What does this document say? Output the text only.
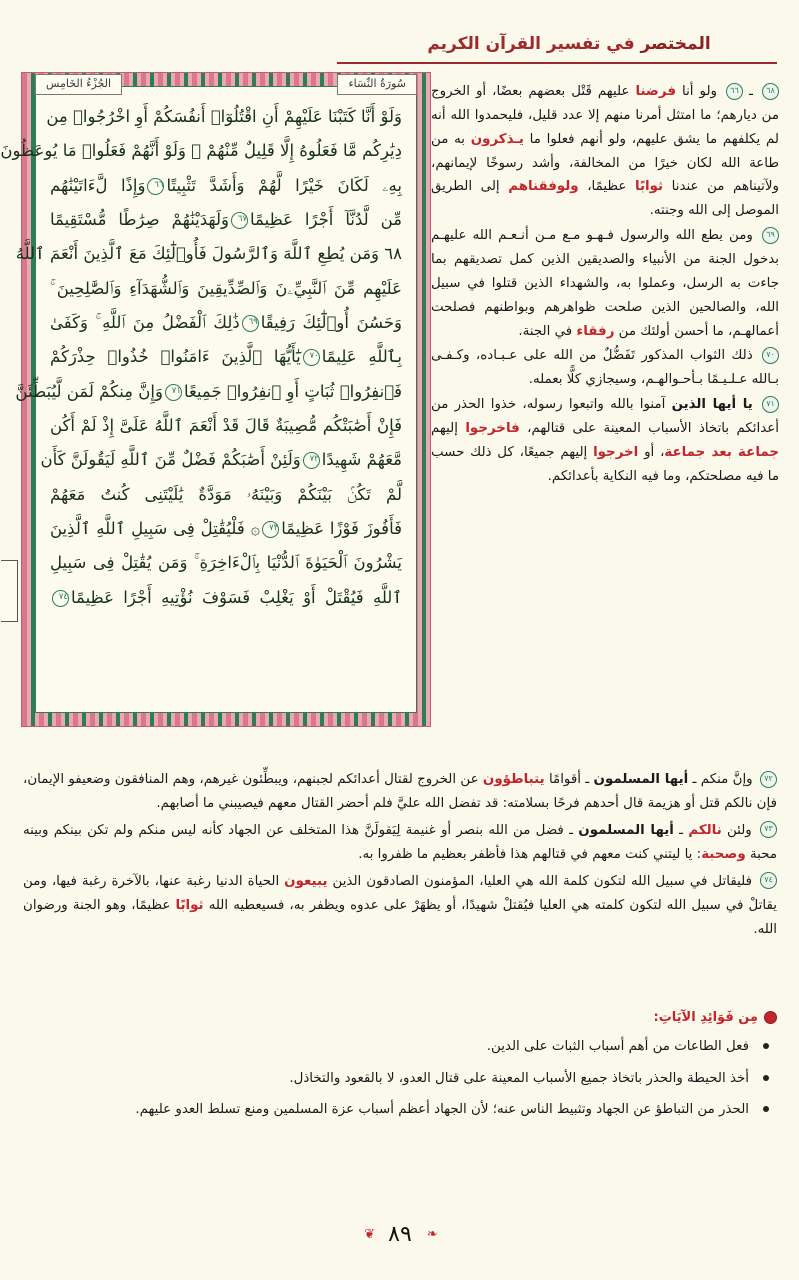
المختصر في تفسير القرآن الكريم
وَلَوْ أَنَّا كَتَبْنَا عَلَيْهِمْ أَنِ اقْتُلُوٓا۟ أَنفُسَكُمْ أَوِ اخْرُجُوا۟ مِن
دِيَٰرِكُم مَّا فَعَلُوهُ إِلَّا قَلِيلٌ مِّنْهُمْ ۖ وَلَوْ أَنَّهُمْ فَعَلُوا۟ مَا يُوعَظُونَ
بِهِۦ لَكَانَ خَيْرًا لَّهُمْ وَأَشَدَّ تَثْبِيتًا٦٦وَإِذًا لَّءَاتَيْنَٰهُم
مِّن لَّدُنَّآ أَجْرًا عَظِيمًا٦٧وَلَهَدَيْنَٰهُمْ صِرَٰطًا مُّسْتَقِيمًا
٦٨ وَمَن يُطِعِ ٱللَّهَ وَٱلرَّسُولَ فَأُو۟لَٰٓئِكَ مَعَ ٱلَّذِينَ أَنْعَمَ ٱللَّهُ
عَلَيْهِم مِّنَ ٱلنَّبِيِّۦنَ وَٱلصِّدِّيقِينَ وَٱلشُّهَدَآءِ وَٱلصَّٰلِحِينَ ۚ
وَحَسُنَ أُو۟لَٰٓئِكَ رَفِيقًا٦٩ذَٰلِكَ ٱلْفَضْلُ مِنَ ٱللَّهِ ۚ وَكَفَىٰ
بِٱللَّهِ عَلِيمًا٧٠يَٰٓأَيُّهَا ٱلَّذِينَ ءَامَنُوا۟ خُذُوا۟ حِذْرَكُمْ
فَٱنفِرُوا۟ ثُبَاتٍ أَوِ ٱنفِرُوا۟ جَمِيعًا٧١وَإِنَّ مِنكُمْ لَمَن لَّيُبَطِّئَنَّ
فَإِنْ أَصَٰبَتْكُم مُّصِيبَةٌ قَالَ قَدْ أَنْعَمَ ٱللَّهُ عَلَىَّ إِذْ لَمْ أَكُن
مَّعَهُمْ شَهِيدًا٧٢وَلَئِنْ أَصَٰبَكُمْ فَضْلٌ مِّنَ ٱللَّهِ لَيَقُولَنَّ كَأَن
لَّمْ تَكُنۢ بَيْنَكُمْ وَبَيْنَهُۥ مَوَدَّةٌ يَٰلَيْتَنِى كُنتُ مَعَهُمْ
فَأَفُوزَ فَوْزًا عَظِيمًا٧٣۞ فَلْيُقَٰتِلْ فِى سَبِيلِ ٱللَّهِ ٱلَّذِينَ
يَشْرُونَ ٱلْحَيَوٰةَ ٱلدُّنْيَا بِٱلْءَاخِرَةِ ۚ وَمَن يُقَٰتِلْ فِى سَبِيلِ
ٱللَّهِ فَيُقْتَلْ أَوْ يَغْلِبْ فَسَوْفَ نُؤْتِيهِ أَجْرًا عَظِيمًا٧٤
سُورَةُ النِّسَاء
الجُزْءُ الخَامِس	٦٨ ـ ٦٦ ولو أنا فرضنا عليهم قَتْل بعضهم بعضًا، أو الخروج من ديارهم؛ ما امتثل أمرنا منهم إلا عدد قليل، فليحمدوا الله أنه لم يكلفهم ما يشق عليهم، ولو أنهم فعلوا ما يـذكرون به من طاعة الله لكان خيرًا من المخالفة، وأشد رسوخًا لإيمانهم، ولآتيناهم من عندنا ثوابًا عظيمًا، ولوفقناهم إلى الطريق الموصل إلى الله وجنته.

٦٩ ومن يطع الله والرسول فـهـو مـع مـن أنـعـم الله عليهـم بدخول الجنة من الأنبياء والصديقين الذين كمل تصديقهم بما جاءت به الرسل، وعملوا به، والشهداء الذين قتلوا في سبيل الله، والصالحين الذين صلحت ظواهرهم وبواطنهم فصلحت أعمالهـم، ما أحسن أولئك من رفقاء في الجنة.

٧٠ ذلك الثواب المذكور تَفَضُّلٌ من الله على عـبـاده، وكـفـى بـالله عـلـيـمًا بـأحـوالهـم، وسيجازي كلًّا بعمله.

٧١ يا أيها الذين آمنوا بالله واتبعوا رسوله، خذوا الحذر من أعدائكم باتخاذ الأسباب المعينة على قتالهم، فاخرجوا إليهم جماعة بعد جماعة، أو اخرجوا إليهم جميعًا، كل ذلك حسب ما فيه مصلحتكم، وما فيه النكاية بأعدائكم.

٧٢ وإنَّ منكم ـ أيها المسلمون ـ أقوامًا يتباطؤون عن الخروج لقتال أعدائكم لجبنهم، ويبطِّئون غيرهم، وهم المنافقون وضعيفو الإيمان، فإن نالكم قتل أو هزيمة قال أحدهم فرحًا بسلامته: قد تفضل الله عليَّ فلم أحضر القتال معهم فيصيبني ما أصابهم.

٧٣ ولئن نالكم ـ أيها المسلمون ـ فضل من الله بنصر أو غنيمة لِيَقولَنَّ هذا المتخلف عن الجهاد كأنه ليس منكم ولم تكن بينكم وبينه محبة وصحبة: يا ليتني كنت معهم في قتالهم هذا فأظفر بعظيم ما ظفروا به.

٧٤ فليقاتل في سبيل الله لتكون كلمة الله هي العليا، المؤمنون الصادقون الذين يبيعون الحياة الدنيا رغبة عنها، بالآخرة رغبة فيها، ومن يقاتلْ في سبيل الله لتكون كلمته هي العليا فيُقتلْ شهيدًا، أو يظهَرْ على عدوه ويظفر به، فسيعطيه الله ثوابًا عظيمًا، وهو الجنة ورضوان الله.

مِن فَوَائِدِ الآيَاتِ:
فعل الطاعات من أهم أسباب الثبات على الدين.
أخذ الحيطة والحذر باتخاذ جميع الأسباب المعينة على قتال العدو، لا بالقعود والتخاذل.
الحذر من التباطؤ عن الجهاد وتثبيط الناس عنه؛ لأن الجهاد أعظم أسباب عزة المسلمين ومنع تسلط العدو عليهم.
❧ ٨٩ ❦
